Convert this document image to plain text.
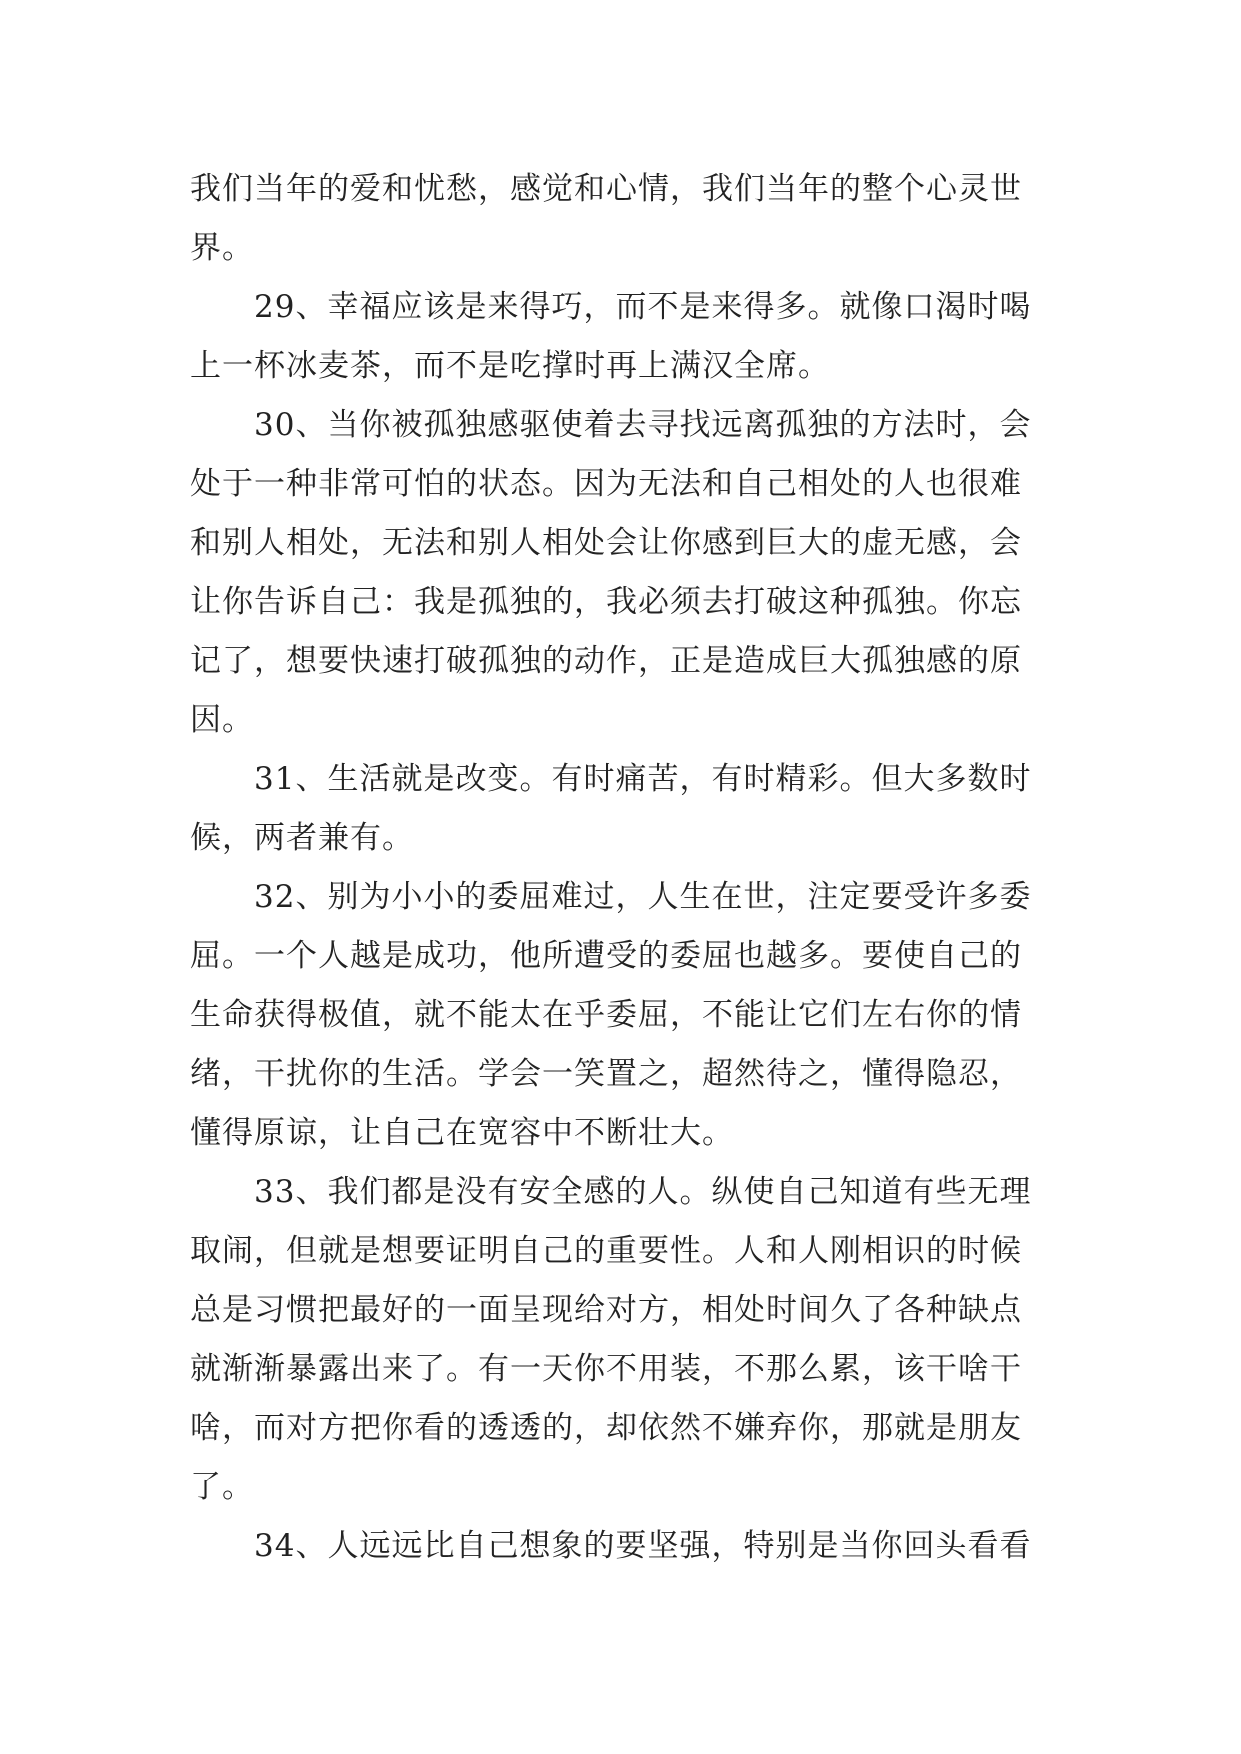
我们当年的爱和忧愁，感觉和心情，我们当年的整个心灵世
界。
29、幸福应该是来得巧，而不是来得多。就像口渴时喝
上一杯冰麦茶，而不是吃撑时再上满汉全席。
30、当你被孤独感驱使着去寻找远离孤独的方法时，会
处于一种非常可怕的状态。因为无法和自己相处的人也很难
和别人相处，无法和别人相处会让你感到巨大的虚无感，会
让你告诉自己：我是孤独的，我必须去打破这种孤独。你忘
记了，想要快速打破孤独的动作，正是造成巨大孤独感的原
因。
31、生活就是改变。有时痛苦，有时精彩。但大多数时
候，两者兼有。
32、别为小小的委屈难过，人生在世，注定要受许多委
屈。一个人越是成功，他所遭受的委屈也越多。要使自己的
生命获得极值，就不能太在乎委屈，不能让它们左右你的情
绪，干扰你的生活。学会一笑置之，超然待之，懂得隐忍，
懂得原谅，让自己在宽容中不断壮大。
33、我们都是没有安全感的人。纵使自己知道有些无理
取闹，但就是想要证明自己的重要性。人和人刚相识的时候
总是习惯把最好的一面呈现给对方，相处时间久了各种缺点
就渐渐暴露出来了。有一天你不用装，不那么累，该干啥干
啥，而对方把你看的透透的，却依然不嫌弃你，那就是朋友
了。
34、人远远比自己想象的要坚强，特别是当你回头看看
